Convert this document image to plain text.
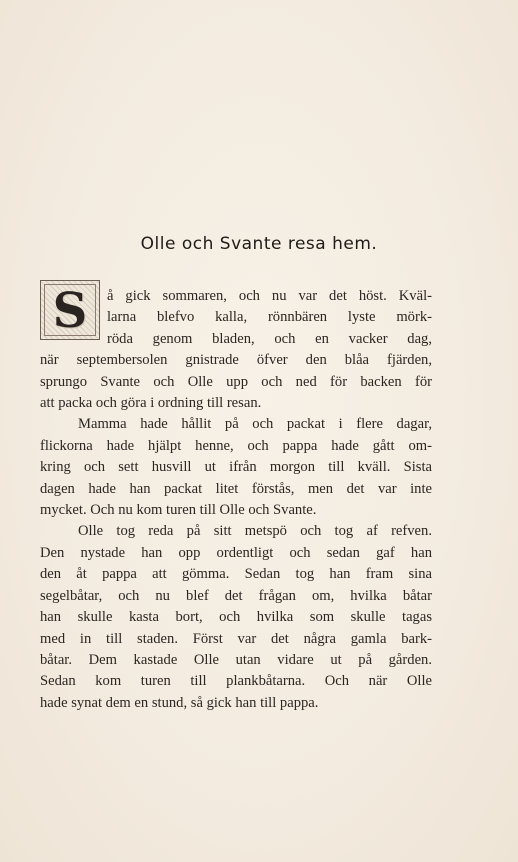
Olle och Svante resa hem.
S	å gick sommaren, och nu var det höst. Kväl-
larna blefvo kalla, rönnbären lyste mörk-
röda genom bladen, och en vacker dag,
när septembersolen gnistrade öfver den blåa fjärden,
sprungo Svante och Olle upp och ned för backen för
att packa och göra i ordning till resan.
Mamma hade hållit på och packat i flere dagar,
flickorna hade hjälpt henne, och pappa hade gått om-
kring och sett husvill ut ifrån morgon till kväll. Sista
dagen hade han packat litet förstås, men det var inte
mycket. Och nu kom turen till Olle och Svante.
Olle tog reda på sitt metspö och tog af refven.
Den nystade han opp ordentligt och sedan gaf han
den åt pappa att gömma. Sedan tog han fram sina
segelbåtar, och nu blef det frågan om, hvilka båtar
han skulle kasta bort, och hvilka som skulle tagas
med in till staden. Först var det några gamla bark-
båtar. Dem kastade Olle utan vidare ut på gården.
Sedan kom turen till plankbåtarna. Och när Olle
hade synat dem en stund, så gick han till pappa.
